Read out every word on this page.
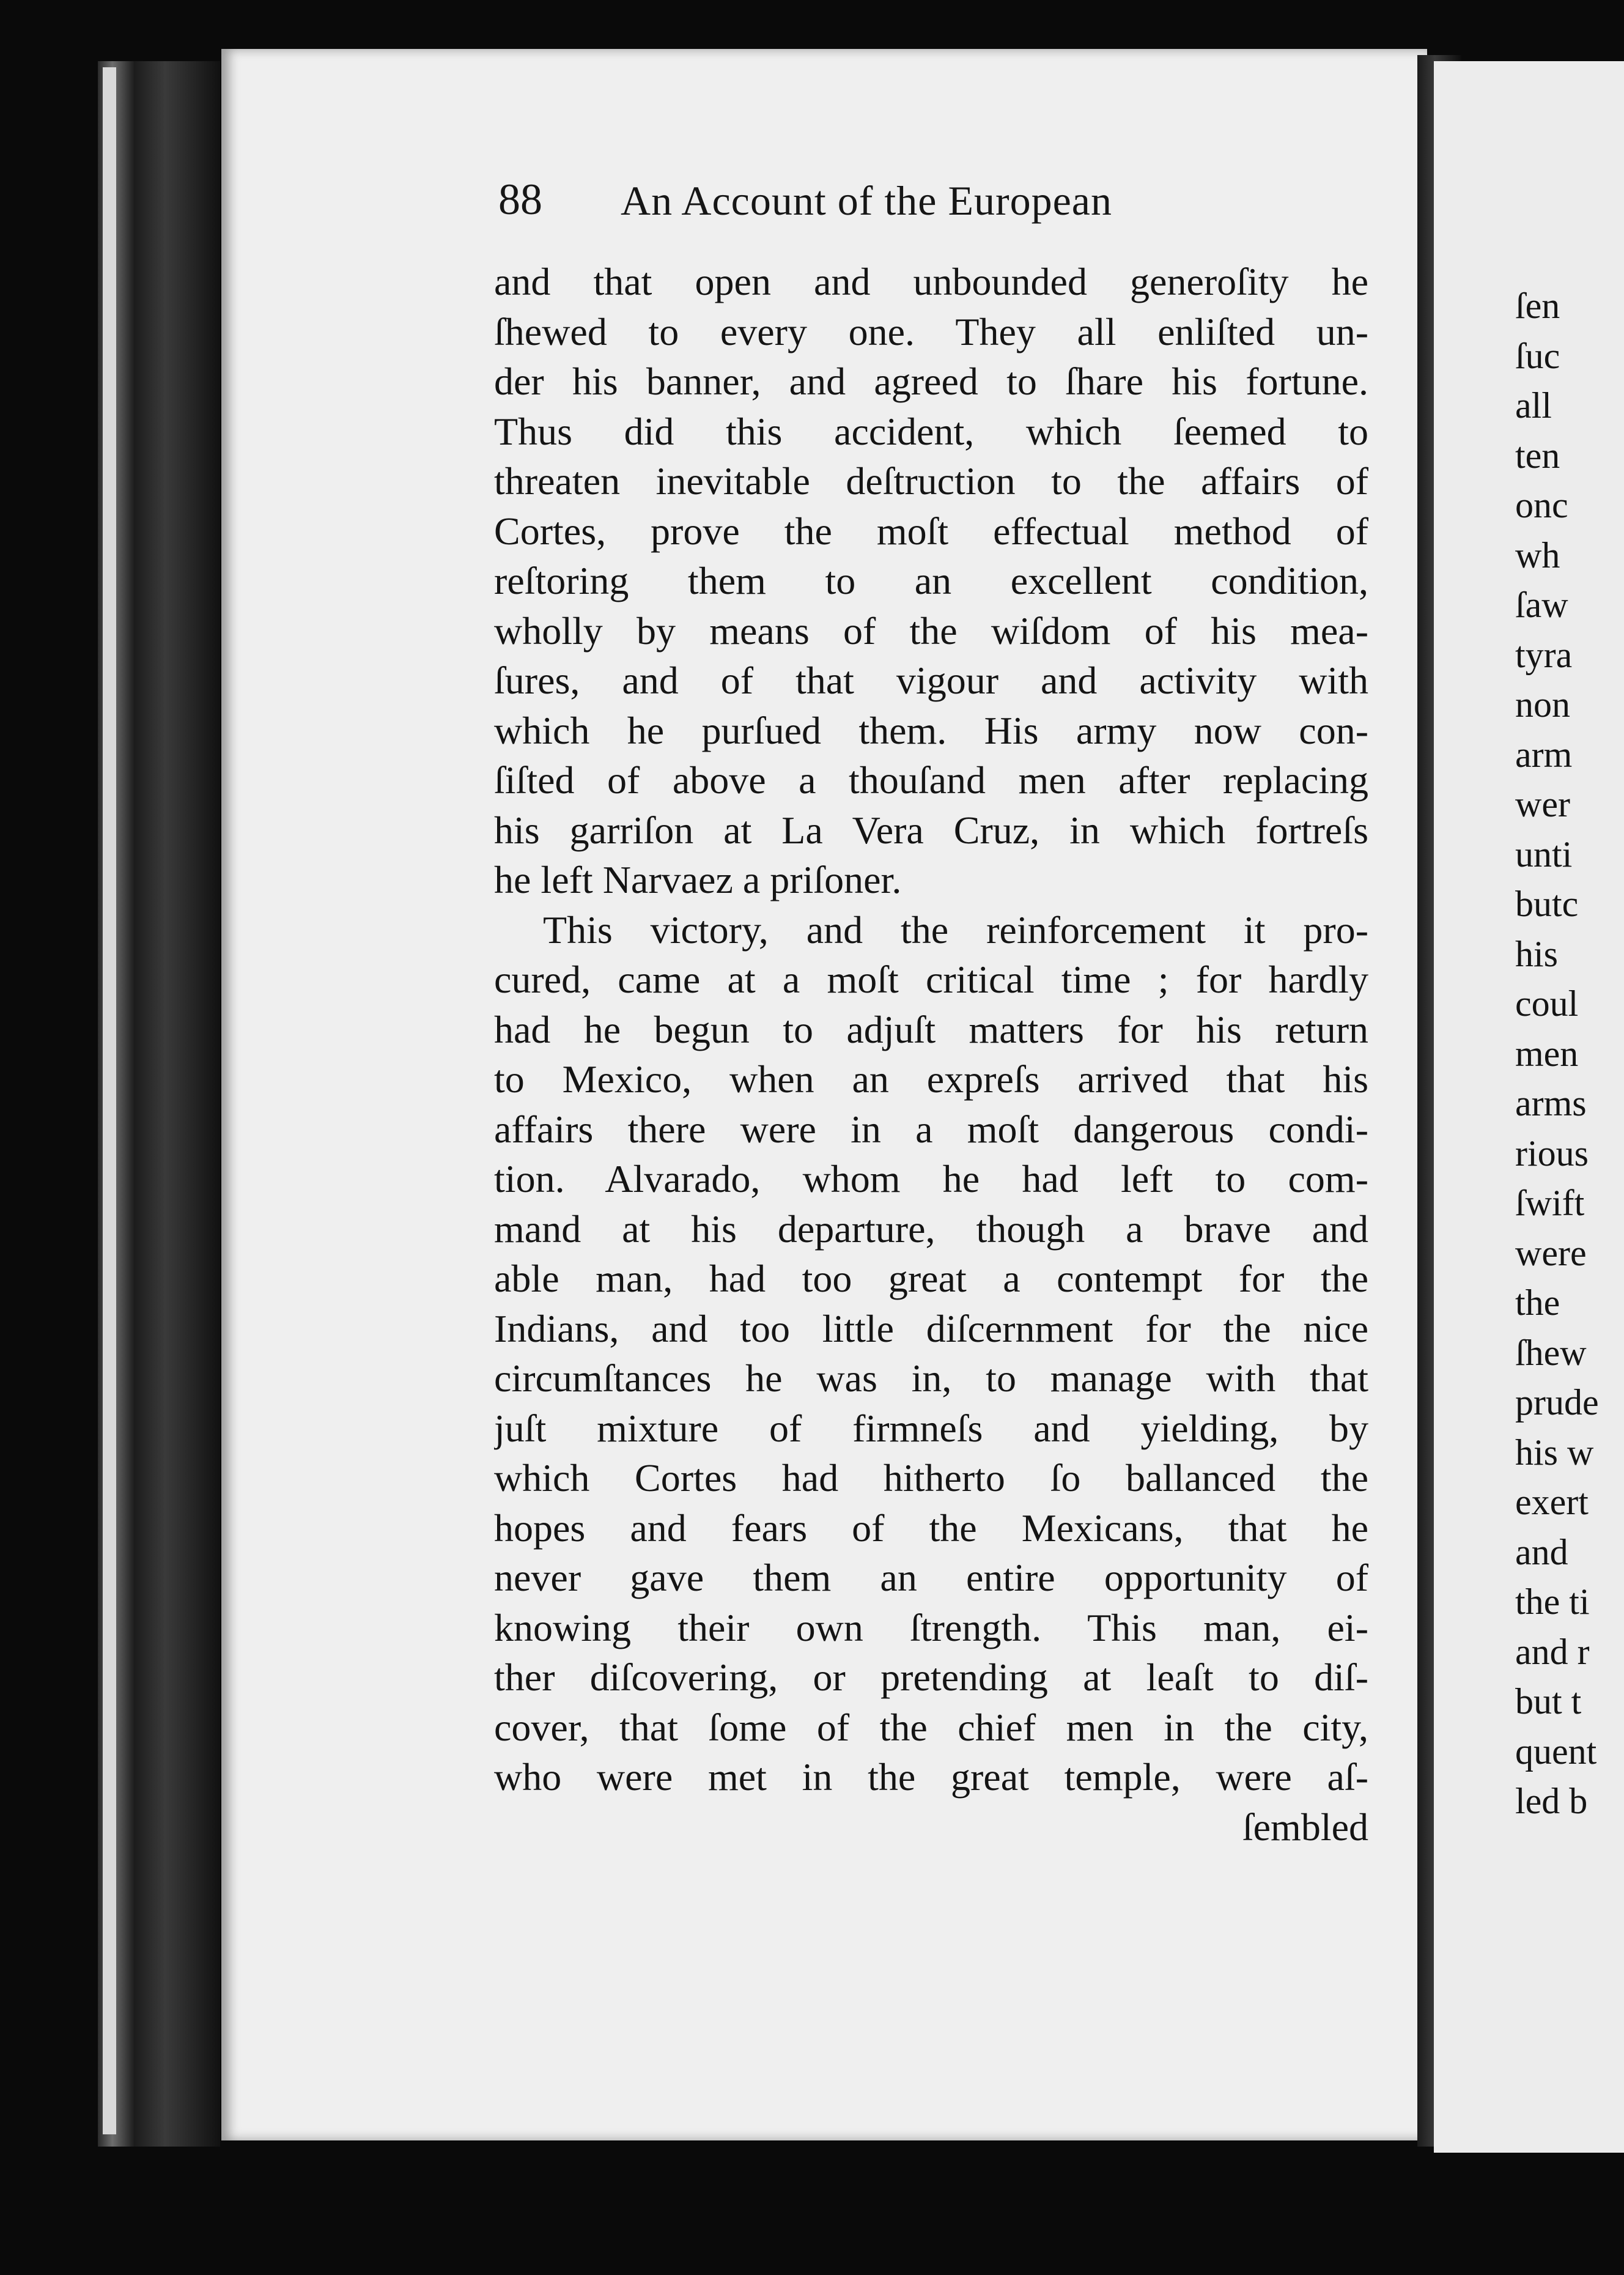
88 An Account of the European
and that open and unbounded generoſity he
ſhewed to every one. They all enliſted un-
der his banner, and agreed to ſhare his fortune.
Thus did this accident, which ſeemed to
threaten inevitable deſtruction to the affairs of
Cortes, prove the moſt effectual method of
reſtoring them to an excellent condition,
wholly by means of the wiſdom of his mea-
ſures, and of that vigour and activity with
which he purſued them. His army now con-
ſiſted of above a thouſand men after replacing
his garriſon at La Vera Cruz, in which fortreſs
he left Narvaez a priſoner.
This victory, and the reinforcement it pro-
cured, came at a moſt critical time ; for hardly
had he begun to adjuſt matters for his return
to Mexico, when an expreſs arrived that his
affairs there were in a moſt dangerous condi-
tion. Alvarado, whom he had left to com-
mand at his departure, though a brave and
able man, had too great a contempt for the
Indians, and too little diſcernment for the nice
circumſtances he was in, to manage with that
juſt mixture of firmneſs and yielding, by
which Cortes had hitherto ſo ballanced the
hopes and fears of the Mexicans, that he
never gave them an entire opportunity of
knowing their own ſtrength. This man, ei-
ther diſcovering, or pretending at leaſt to diſ-
cover, that ſome of the chief men in the city,
who were met in the great temple, were aſ-
ſembled
ſen
ſuc
all
ten
onc
wh
ſaw
tyra
non
arm
wer
unti
butc
his
coul
men
arms
rious
ſwift
were
the
ſhew
prude
his w
exert
and
the ti
and r
but t
quent
led b
